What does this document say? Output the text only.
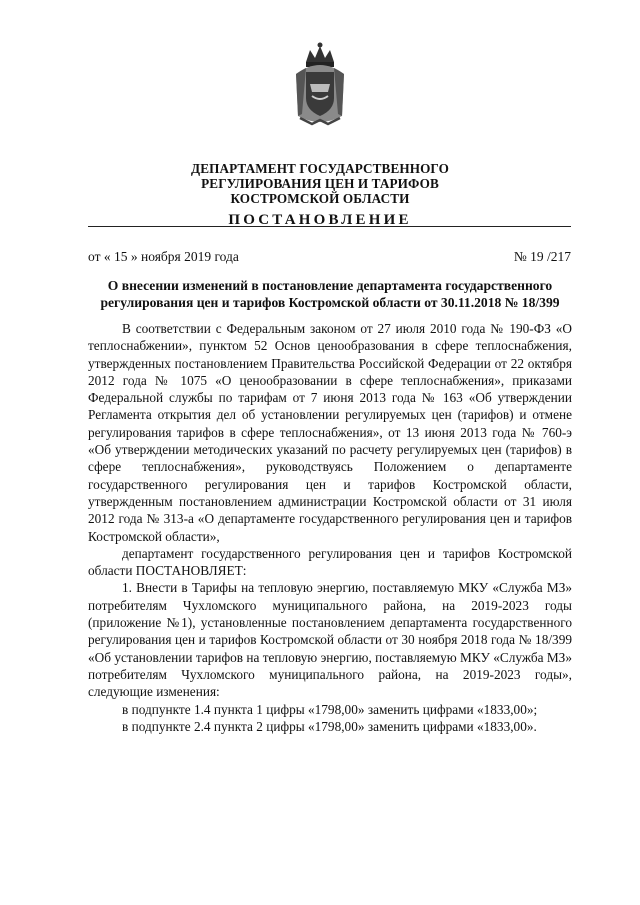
ДЕПАРТАМЕНТ ГОСУДАРСТВЕННОГО
РЕГУЛИРОВАНИЯ ЦЕН И ТАРИФОВ
КОСТРОМСКОЙ ОБЛАСТИ
ПОСТАНОВЛЕНИЕ
от « 15 » ноября 2019 года	№ 19 /217
О внесении изменений в постановление департамента государственного
регулирования цен и тарифов Костромской области от 30.11.2018 № 18/399

В соответствии с Федеральным законом от 27 июля 2010 года № 190-ФЗ «О теплоснабжении», пунктом 52 Основ ценообразования в сфере теплоснабжения, утвержденных постановлением Правительства Российской Федерации от 22 октября 2012 года № 1075 «О ценообразовании в сфере теплоснабжения», приказами Федеральной службы по тарифам от 7 июня 2013 года № 163 «Об утверждении Регламента открытия дел об установлении регулируемых цен (тарифов) и отмене регулирования тарифов в сфере теплоснабжения», от 13 июня 2013 года № 760-э «Об утверждении методических указаний по расчету регулируемых цен (тарифов) в сфере теплоснабжения», руководствуясь Положением о департаменте государственного регулирования цен и тарифов Костромской области, утвержденным постановлением администрации Костромской области от 31 июля 2012 года № 313-а «О департаменте государственного регулирования цен и тарифов Костромской области»,

департамент государственного регулирования цен и тарифов Костромской области ПОСТАНОВЛЯЕТ:

1. Внести в Тарифы на тепловую энергию, поставляемую МКУ «Служба МЗ» потребителям Чухломского муниципального района, на 2019-2023 годы (приложение №1), установленные постановлением департамента государственного регулирования цен и тарифов Костромской области от 30 ноября 2018 года № 18/399 «Об установлении тарифов на тепловую энергию, поставляемую МКУ «Служба МЗ» потребителям Чухломского муниципального района, на 2019-2023 годы», следующие изменения:

в подпункте 1.4 пункта 1 цифры «1798,00» заменить цифрами «1833,00»;

в подпункте 2.4 пункта 2 цифры «1798,00» заменить цифрами «1833,00».
